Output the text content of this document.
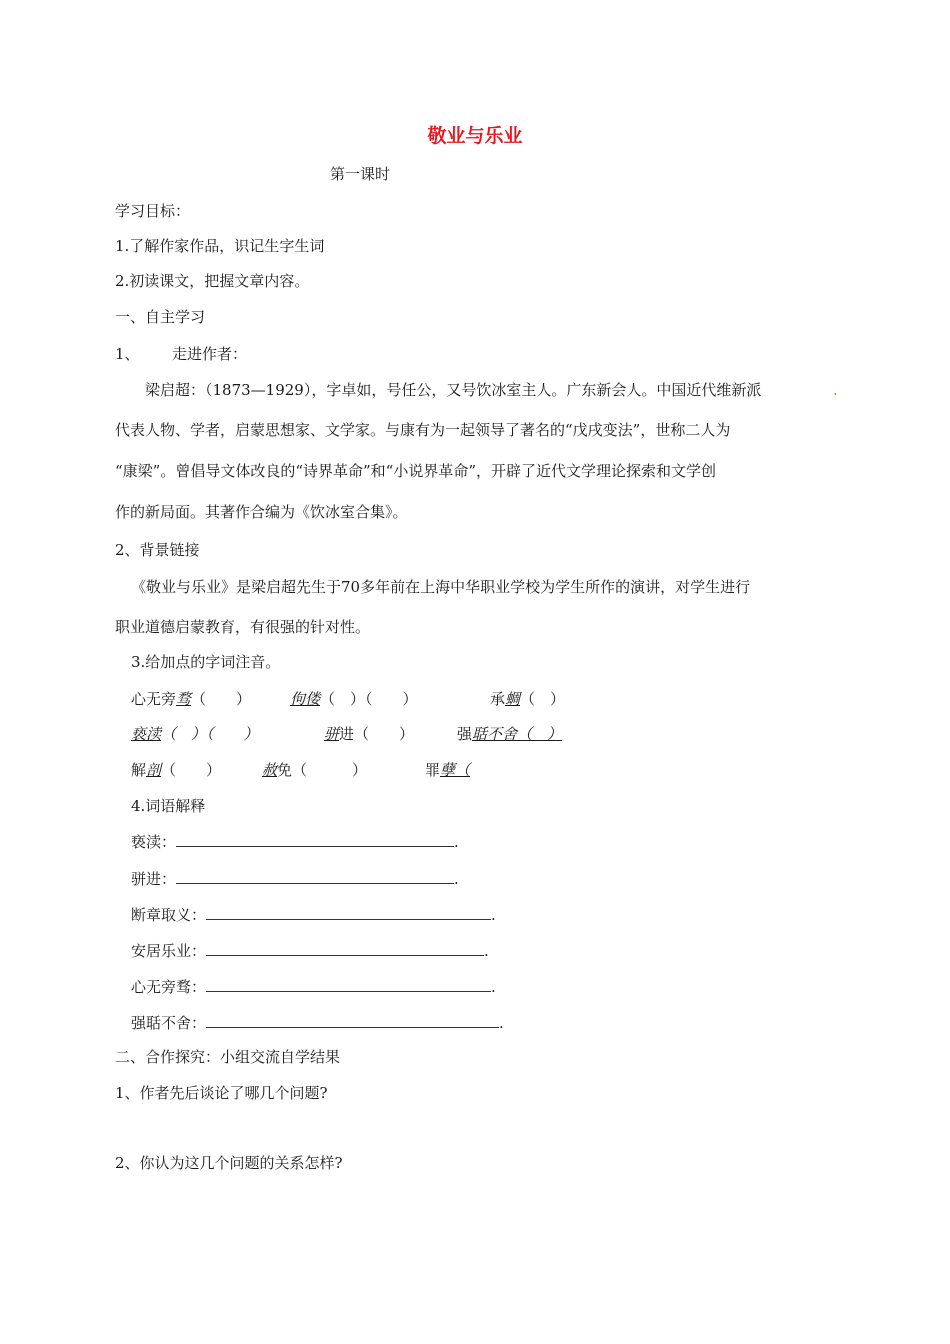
敬业与乐业
第一课时
学习目标：
1.了解作家作品，识记生字生词
2.初读课文，把握文章内容。
一、自主学习
1、 走进作者：
梁启超：（1873—1929），字卓如，号任公，又号饮冰室主人。广东新会人。中国近代维新派	.
代表人物、学者，启蒙思想家、文学家。与康有为一起领导了著名的“戊戌变法”，世称二人为
“康梁”。曾倡导文体改良的“诗界革命”和“小说界革命”，开辟了近代文学理论探索和文学创
作的新局面。其著作合编为《饮冰室合集》。
2、背景链接
《敬业与乐业》是梁启超先生于70多年前在上海中华职业学校为学生所作的演讲，对学生进行
职业道德启蒙教育，有很强的针对性。
3.给加点的字词注音。
心无旁骛（　　）	佝偻（　）（　　）	承蜩（　）
亵渎（　）（　　）	骈进（　　）	强聒不舍（　）
解剖（　　）	赦免（　　　）	罪孽（
4.词语解释
亵渎：	.
骈进：	.
断章取义：	.
安居乐业：	.
心无旁骛：	.
强聒不舍：	.
二、合作探究：小组交流自学结果
1、作者先后谈论了哪几个问题?
2、你认为这几个问题的关系怎样?
